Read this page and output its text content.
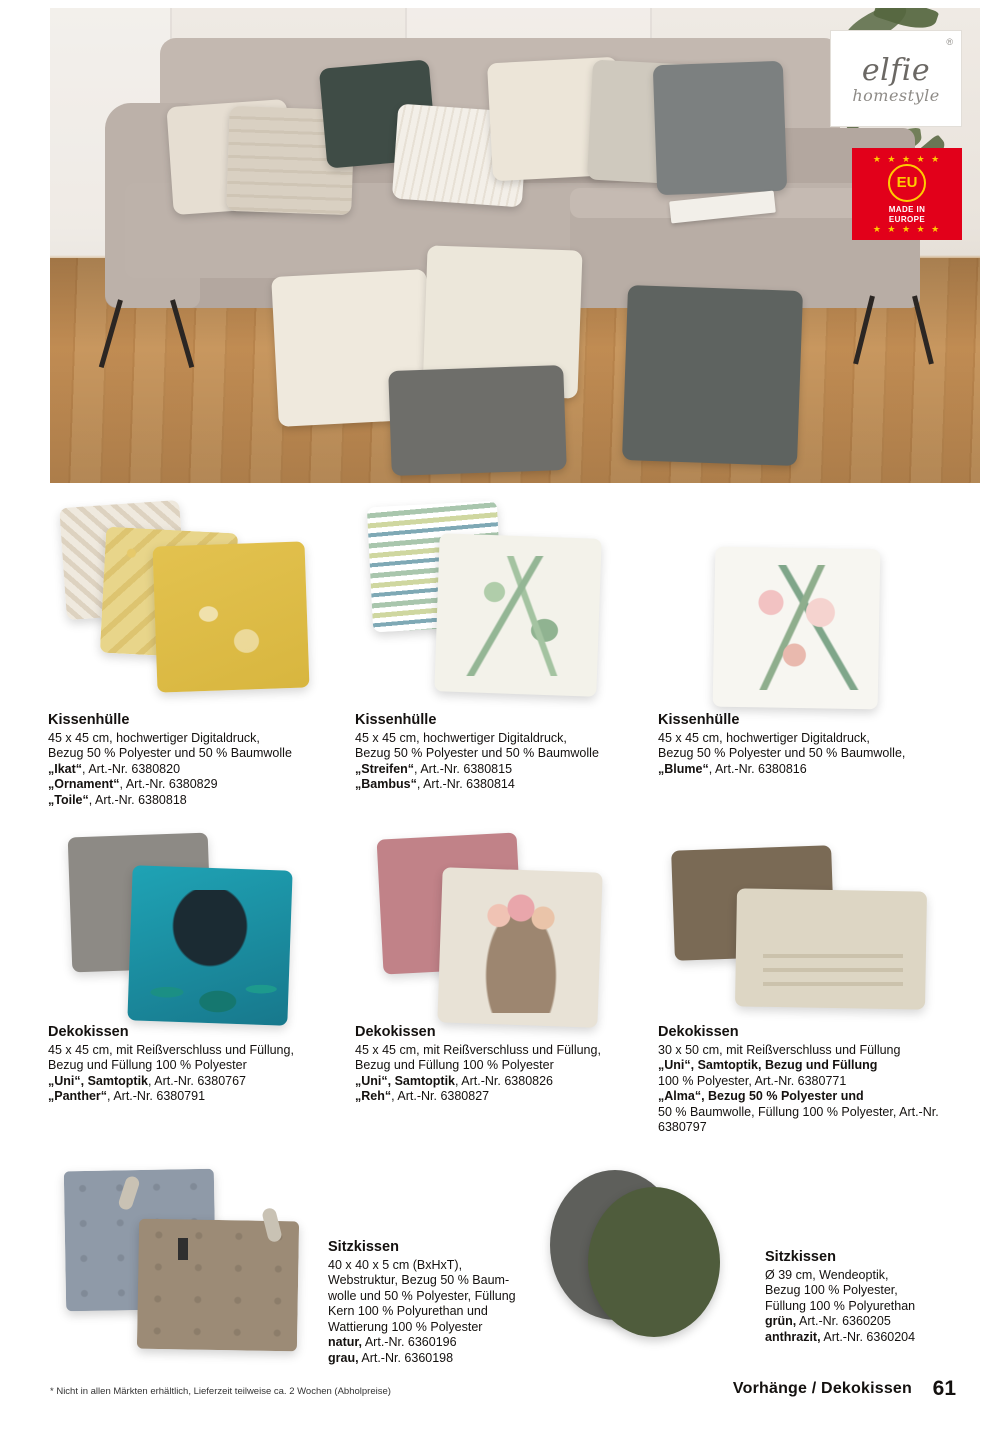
elfie
homestyle
®
★ ★ ★ ★ ★
EU
MADE IN
EUROPE
★ ★ ★ ★ ★
Kissenhülle
45 x 45 cm, hochwertiger Digitaldruck,
Bezug 50 % Polyester und 50 % Baumwolle
„Ikat“, Art.-Nr. 6380820
„Ornament“, Art.-Nr. 6380829
„Toile“, Art.-Nr. 6380818
Kissenhülle
45 x 45 cm, hochwertiger Digitaldruck,
Bezug 50 % Polyester und 50 % Baumwolle
„Streifen“, Art.-Nr. 6380815
„Bambus“, Art.-Nr. 6380814
Kissenhülle
45 x 45 cm, hochwertiger Digitaldruck,
Bezug 50 % Polyester und 50 % Baumwolle,
„Blume“, Art.-Nr. 6380816
Dekokissen
45 x 45 cm, mit Reißverschluss und Füllung,
Bezug und Füllung 100 % Polyester
„Uni“, Samtoptik, Art.-Nr. 6380767
„Panther“, Art.-Nr. 6380791
Dekokissen
45 x 45 cm, mit Reißverschluss und Füllung,
Bezug und Füllung 100 % Polyester
„Uni“, Samtoptik, Art.-Nr. 6380826
„Reh“, Art.-Nr. 6380827
Dekokissen
30 x 50 cm, mit Reißverschluss und Füllung
„Uni“, Samtoptik, Bezug und Füllung
100 % Polyester, Art.-Nr. 6380771
„Alma“, Bezug 50 % Polyester und
50 % Baumwolle, Füllung 100 % Polyester, Art.-Nr. 6380797
Sitzkissen
40 x 40 x 5 cm (BxHxT),
Webstruktur, Bezug 50 % Baum-
wolle und 50 % Polyester, Füllung
Kern 100 % Polyurethan und
Wattierung 100 % Polyester
natur, Art.-Nr. 6360196
grau, Art.-Nr. 6360198
Sitzkissen
Ø 39 cm, Wendeoptik,
Bezug 100 % Polyester,
Füllung 100 % Polyurethan
grün, Art.-Nr. 6360205
anthrazit, Art.-Nr. 6360204
* Nicht in allen Märkten erhältlich, Lieferzeit teilweise ca. 2 Wochen (Abholpreise)	Vorhänge / Dekokissen 61
